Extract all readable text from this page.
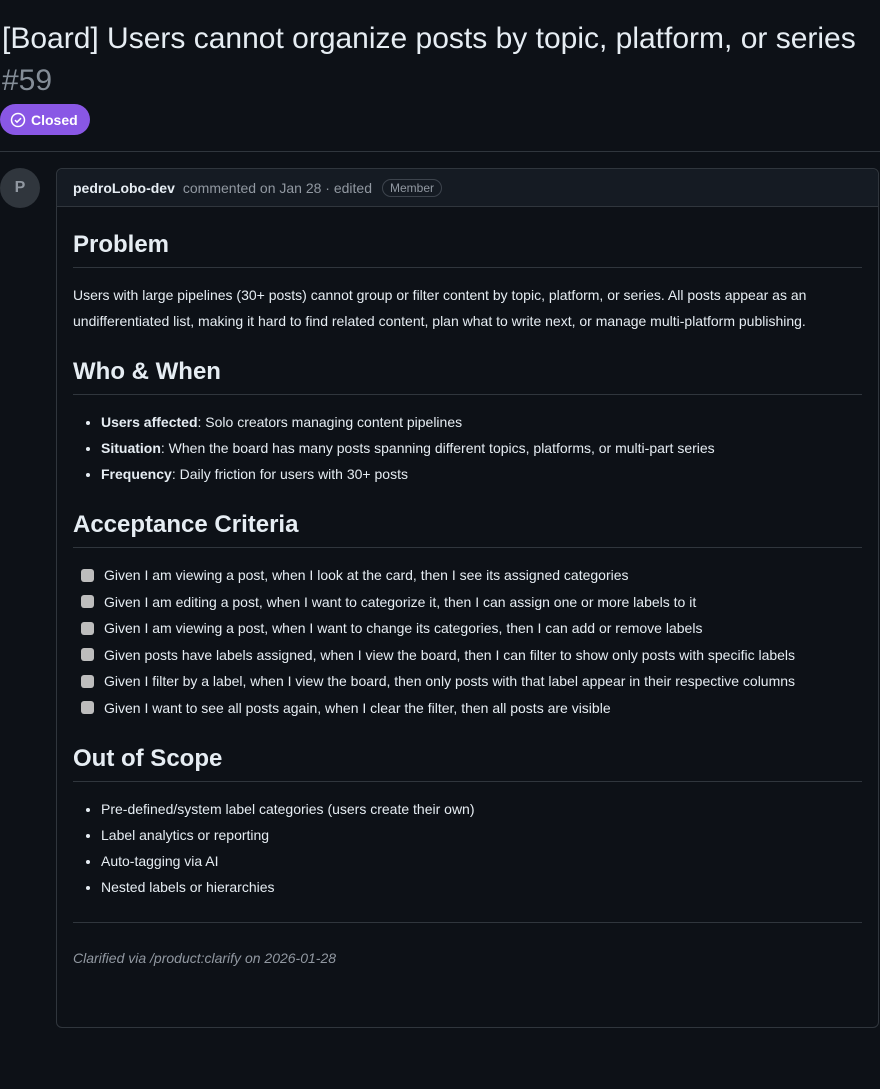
[Board] Users cannot organize posts by topic, platform, or series #59
Closed
P	pedroLobo-dev commented on Jan 28 · edited	Member
Problem

Users with large pipelines (30+ posts) cannot group or filter content by topic, platform, or series. All posts appear as an undifferentiated list, making it hard to find related content, plan what to write next, or manage multi-platform publishing.

Who & When
• Users affected: Solo creators managing content pipelines
• Situation: When the board has many posts spanning different topics, platforms, or multi-part series
• Frequency: Daily friction for users with 30+ posts
Acceptance Criteria
Given I am viewing a post, when I look at the card, then I see its assigned categories
Given I am editing a post, when I want to categorize it, then I can assign one or more labels to it
Given I am viewing a post, when I want to change its categories, then I can add or remove labels
Given posts have labels assigned, when I view the board, then I can filter to show only posts with specific labels
Given I filter by a label, when I view the board, then only posts with that label appear in their respective columns
Given I want to see all posts again, when I clear the filter, then all posts are visible
Out of Scope
• Pre-defined/system label categories (users create their own)
• Label analytics or reporting
• Auto-tagging via AI
• Nested labels or hierarchies

Clarified via /product:clarify on 2026-01-28
